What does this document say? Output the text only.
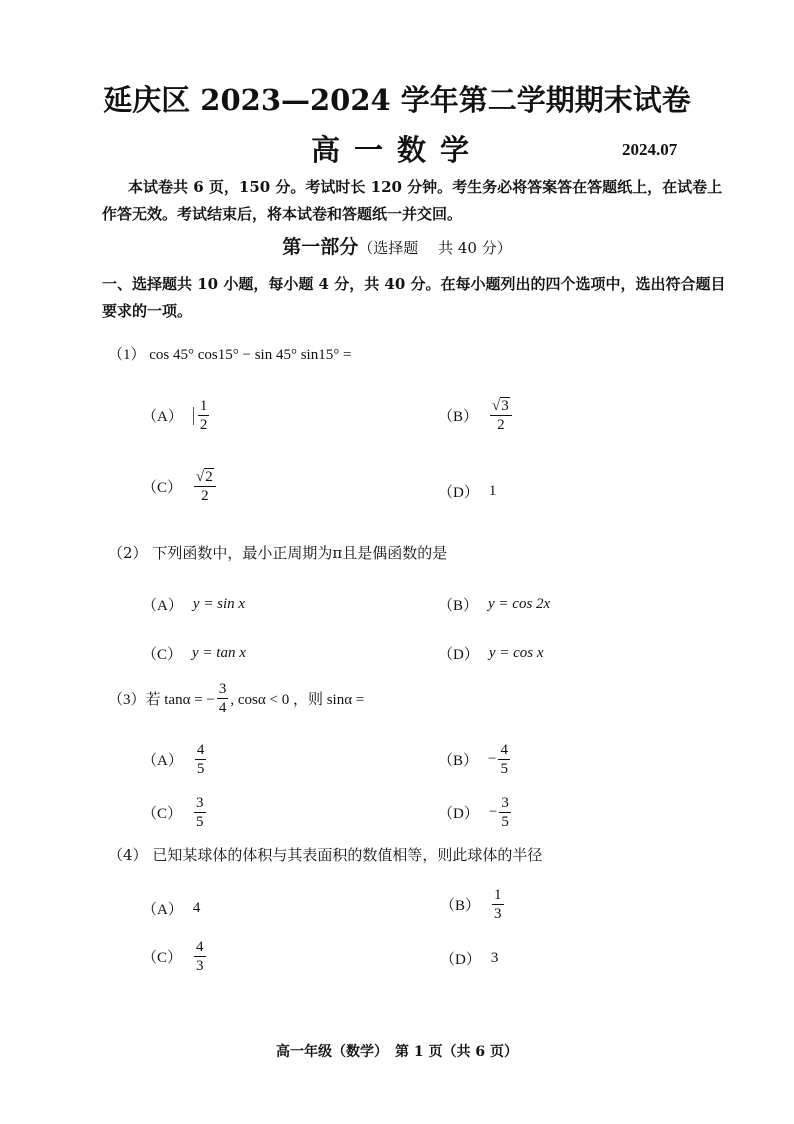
延庆区 2023—2024 学年第二学期期末试卷
高一数学	2024.07
本试卷共 6 页，150 分。考试时长 120 分钟。考生务必将答案答在答题纸上，在试卷上作答无效。考试结束后，将本试卷和答题纸一并交回。
第一部分（选择题　 共 40 分）
一、选择题共 10 小题，每小题 4 分，共 40 分。在每小题列出的四个选项中，选出符合题目要求的一项。
（1） cos 45° cos15° − sin 45° sin15° =
$(A) \frac{1}{2}$	$(B) \frac{√ 3}{2}$
$(C) \frac{√ 2}{2}$	（D） 1
（2） 下列函数中，最小正周期为π且是偶函数的是
（A） y = sin x	（B） y = cos 2x
（C） y = tan x	（D） y = cos x
（3） 若 tanα = − $\frac{3}{4}$ , cosα < 0 ，则 sinα =
$(A) \frac{4}{5}$	$(B) - \frac{4}{5}$
$(C) \frac{3}{5}$	$(D) - \frac{3}{5}$
（4） 已知某球体的体积与其表面积的数值相等，则此球体的半径
（A） 4	$(B) \frac{1}{3}$
$(C) \frac{4}{3}$	（D） 3
高一年级（数学）　第 1 页（共 6 页）
